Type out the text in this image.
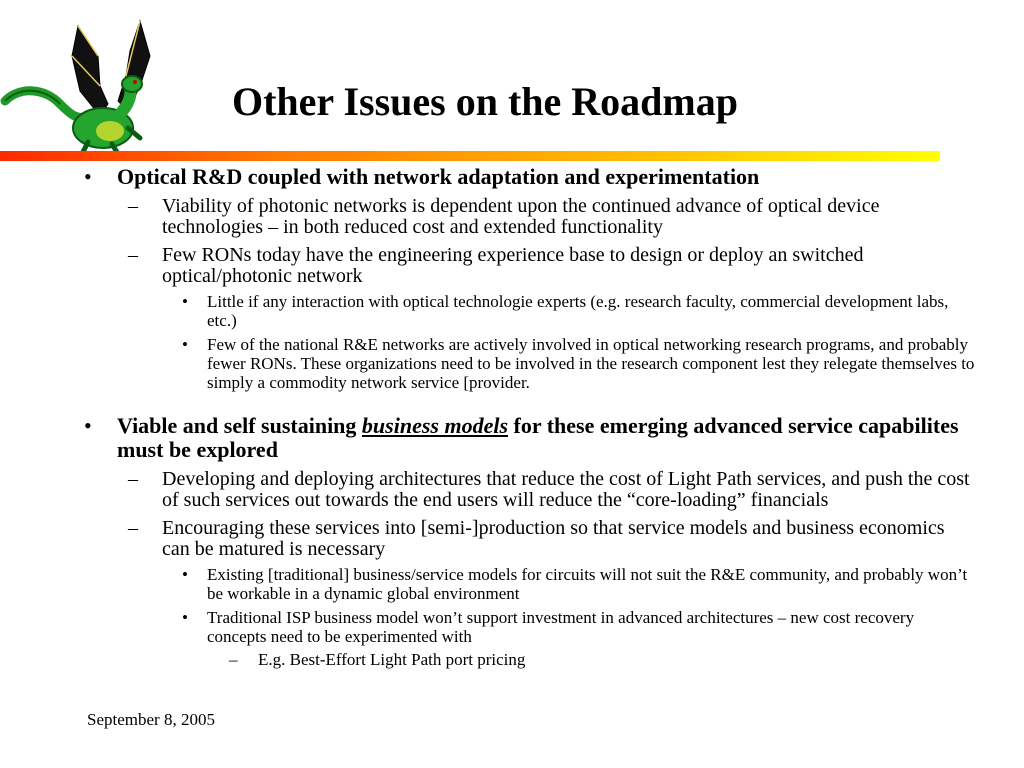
Other Issues on the Roadmap
• Optical R&D coupled with network adaptation and experimentation
– Viability of photonic networks is dependent upon the continued advance of optical device technologies – in both reduced cost and extended functionality
– Few RONs today have the engineering experience base to design or deploy an switched optical/photonic network
• Little if any interaction with optical technologie experts (e.g. research faculty, commercial development labs, etc.)
• Few of the national R&E networks are actively involved in optical networking research programs, and probably fewer RONs. These organizations need to be involved in the research component lest they relegate themselves to simply a commodity network service [provider.
• Viable and self sustaining business models for these emerging advanced service capabilites must be explored
– Developing and deploying architectures that reduce the cost of Light Path services, and push the cost of such services out towards the end users will reduce the “core-loading” financials
– Encouraging these services into [semi-]production so that service models and business economics can be matured is necessary
• Existing [traditional] business/service models for circuits will not suit the R&E community, and probably won’t be workable in a dynamic global environment
• Traditional ISP business model won’t support investment in advanced architectures – new cost recovery concepts need to be experimented with
– E.g. Best-Effort Light Path port pricing
September 8, 2005
